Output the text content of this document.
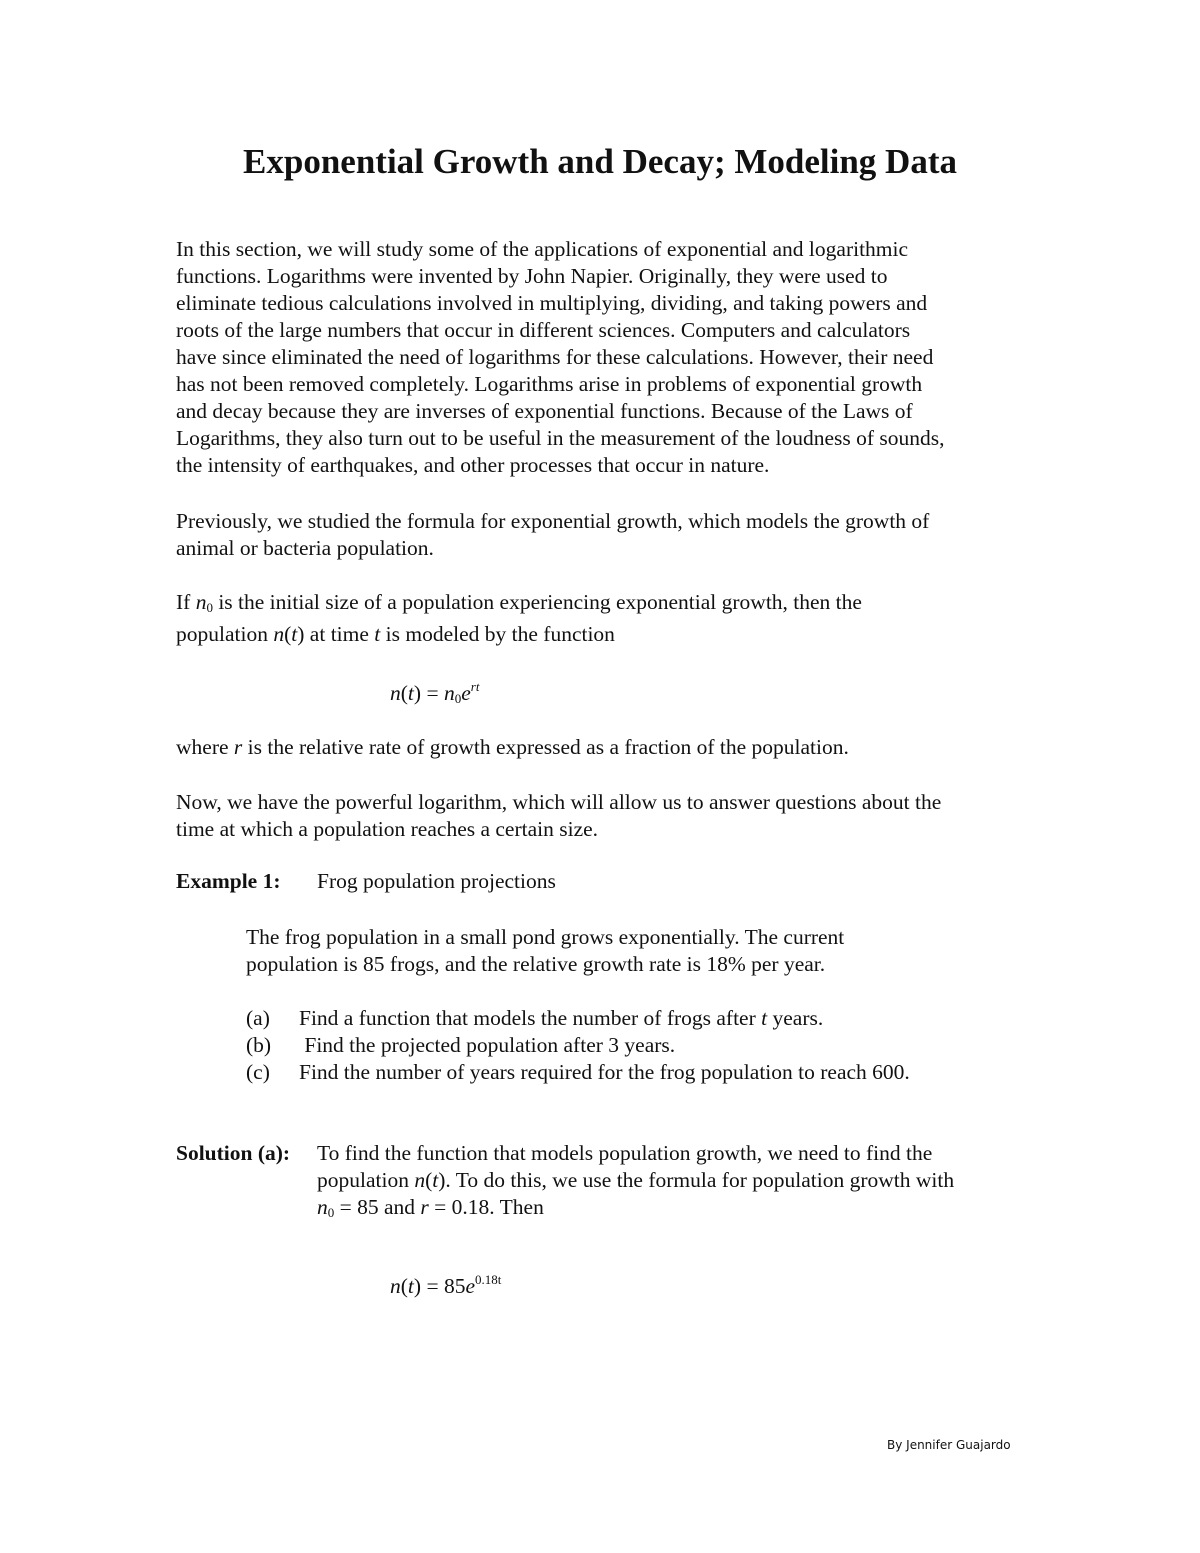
Exponential Growth and Decay; Modeling Data

In this section, we will study some of the applications of exponential and logarithmic
functions. Logarithms were invented by John Napier. Originally, they were used to
eliminate tedious calculations involved in multiplying, dividing, and taking powers and
roots of the large numbers that occur in different sciences. Computers and calculators
have since eliminated the need of logarithms for these calculations. However, their need
has not been removed completely. Logarithms arise in problems of exponential growth
and decay because they are inverses of exponential functions. Because of the Laws of
Logarithms, they also turn out to be useful in the measurement of the loudness of sounds,
the intensity of earthquakes, and other processes that occur in nature.

Previously, we studied the formula for exponential growth, which models the growth of
animal or bacteria population.

If n0 is the initial size of a population experiencing exponential growth, then the
population n(t) at time t is modeled by the function

$n(t) = n_0e^{rt}$

where r is the relative rate of growth expressed as a fraction of the population.

Now, we have the powerful logarithm, which will allow us to answer questions about the
time at which a population reaches a certain size.

Example 1: Frog population projections

The frog population in a small pond grows exponentially. The current
population is 85 frogs, and the relative growth rate is 18% per year.

(a) Find a function that models the number of frogs after t years.
(b) Find the projected population after 3 years.
(c) Find the number of years required for the frog population to reach 600.
Solution (a): To find the function that models population growth, we need to find the
population n(t). To do this, we use the formula for population growth with
n0 = 85 and r = 0.18. Then
$n(t) = 85e^{0.18t}$
By Jennifer Guajardo
